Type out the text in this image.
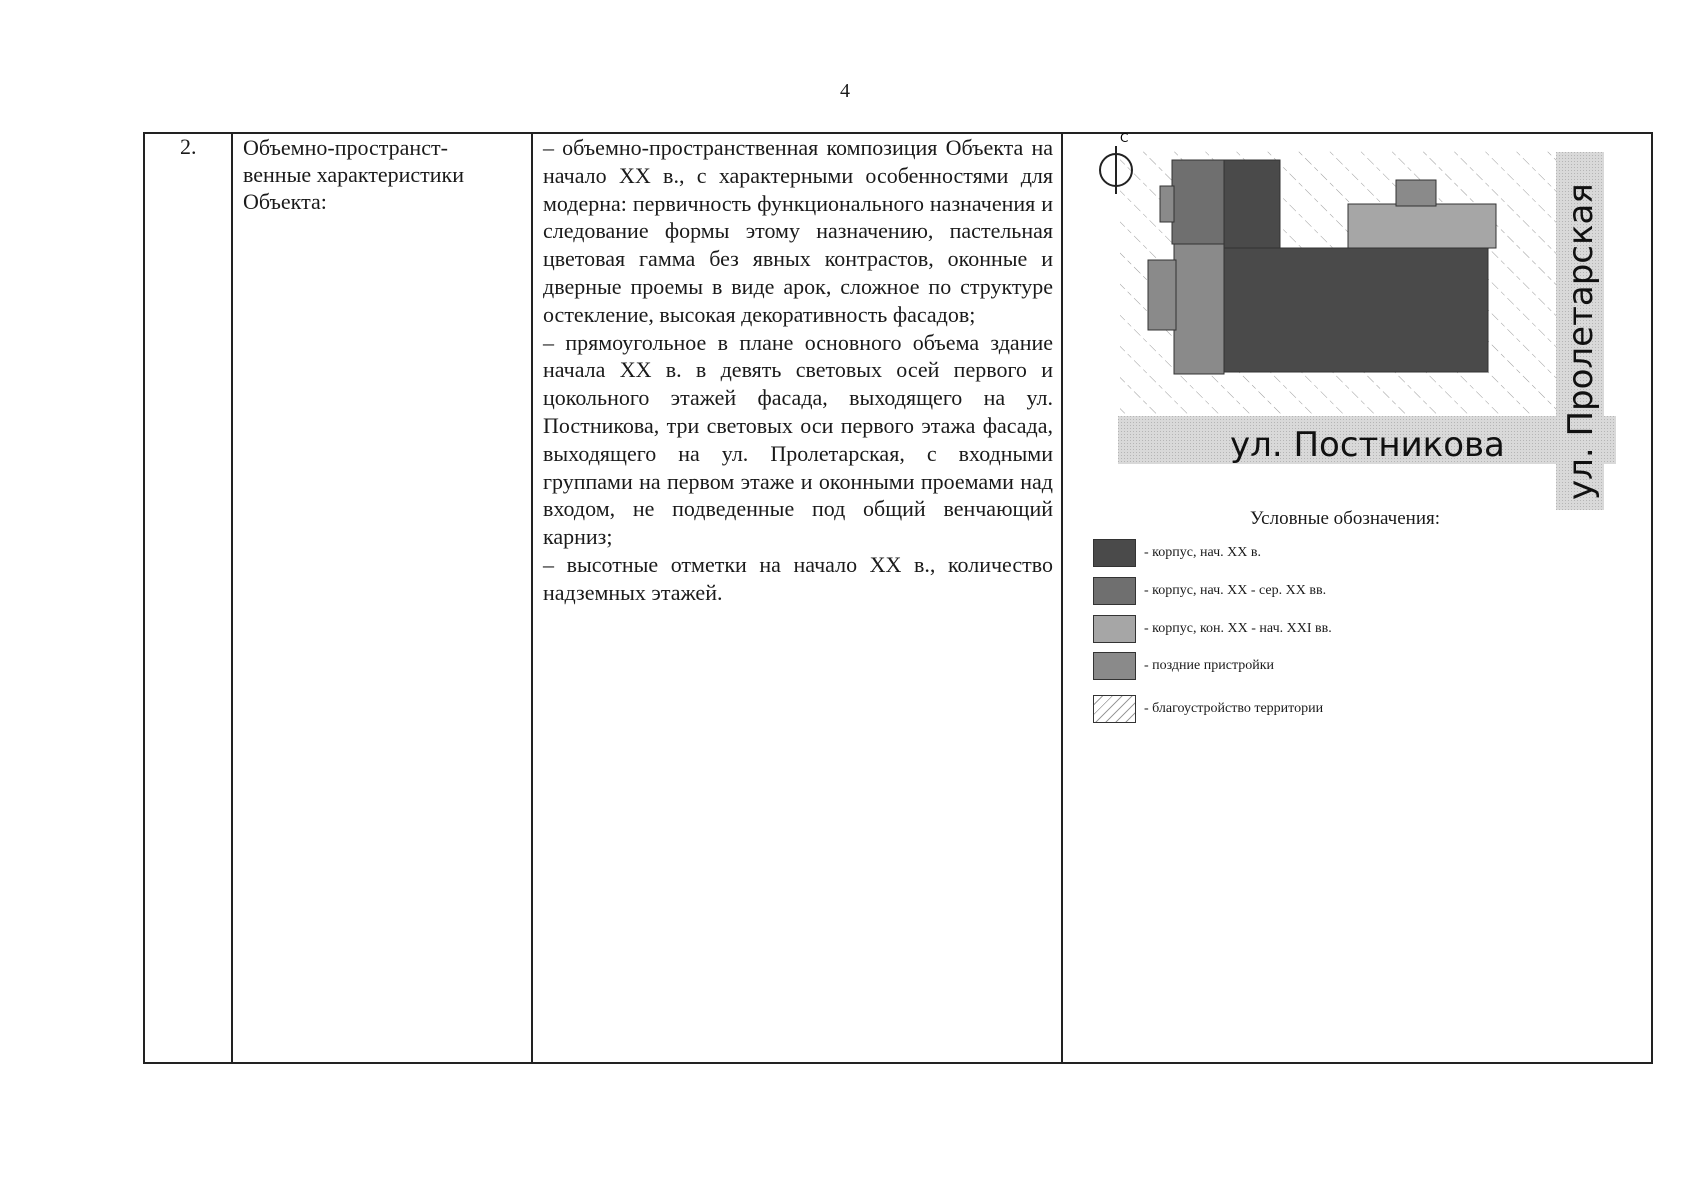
4
2. Объемно-пространст-
венные характеристики
Объекта:

– объемно-пространственная композиция Объекта на начало XX в., с характерными особенностями для модерна: первичность функционального назначения и следование формы этому назначению, пастельная цветовая гамма без явных контрастов, оконные и дверные проемы в виде арок, сложное по структуре остекление, высокая декоративность фасадов;

– прямоугольное в плане основного объема здание начала XX в. в девять световых осей первого и цокольного этажей фасада, выходящего на ул. Постникова, три световых оси первого этажа фасада, выходящего на ул. Пролетарская, с входными группами на первом этаже и оконными проемами над входом, не подведенные под общий венчающий карниз;

– высотные отметки на начало XX в., количество надземных этажей.

С
ул. Постникова ул. Пролетарская
Условные обозначения:
- корпус, нач. XX в.
- корпус, нач. XX - сер. XX вв.
- корпус, кон. XX - нач. XXI вв.
- поздние пристройки
- благоустройство территории
